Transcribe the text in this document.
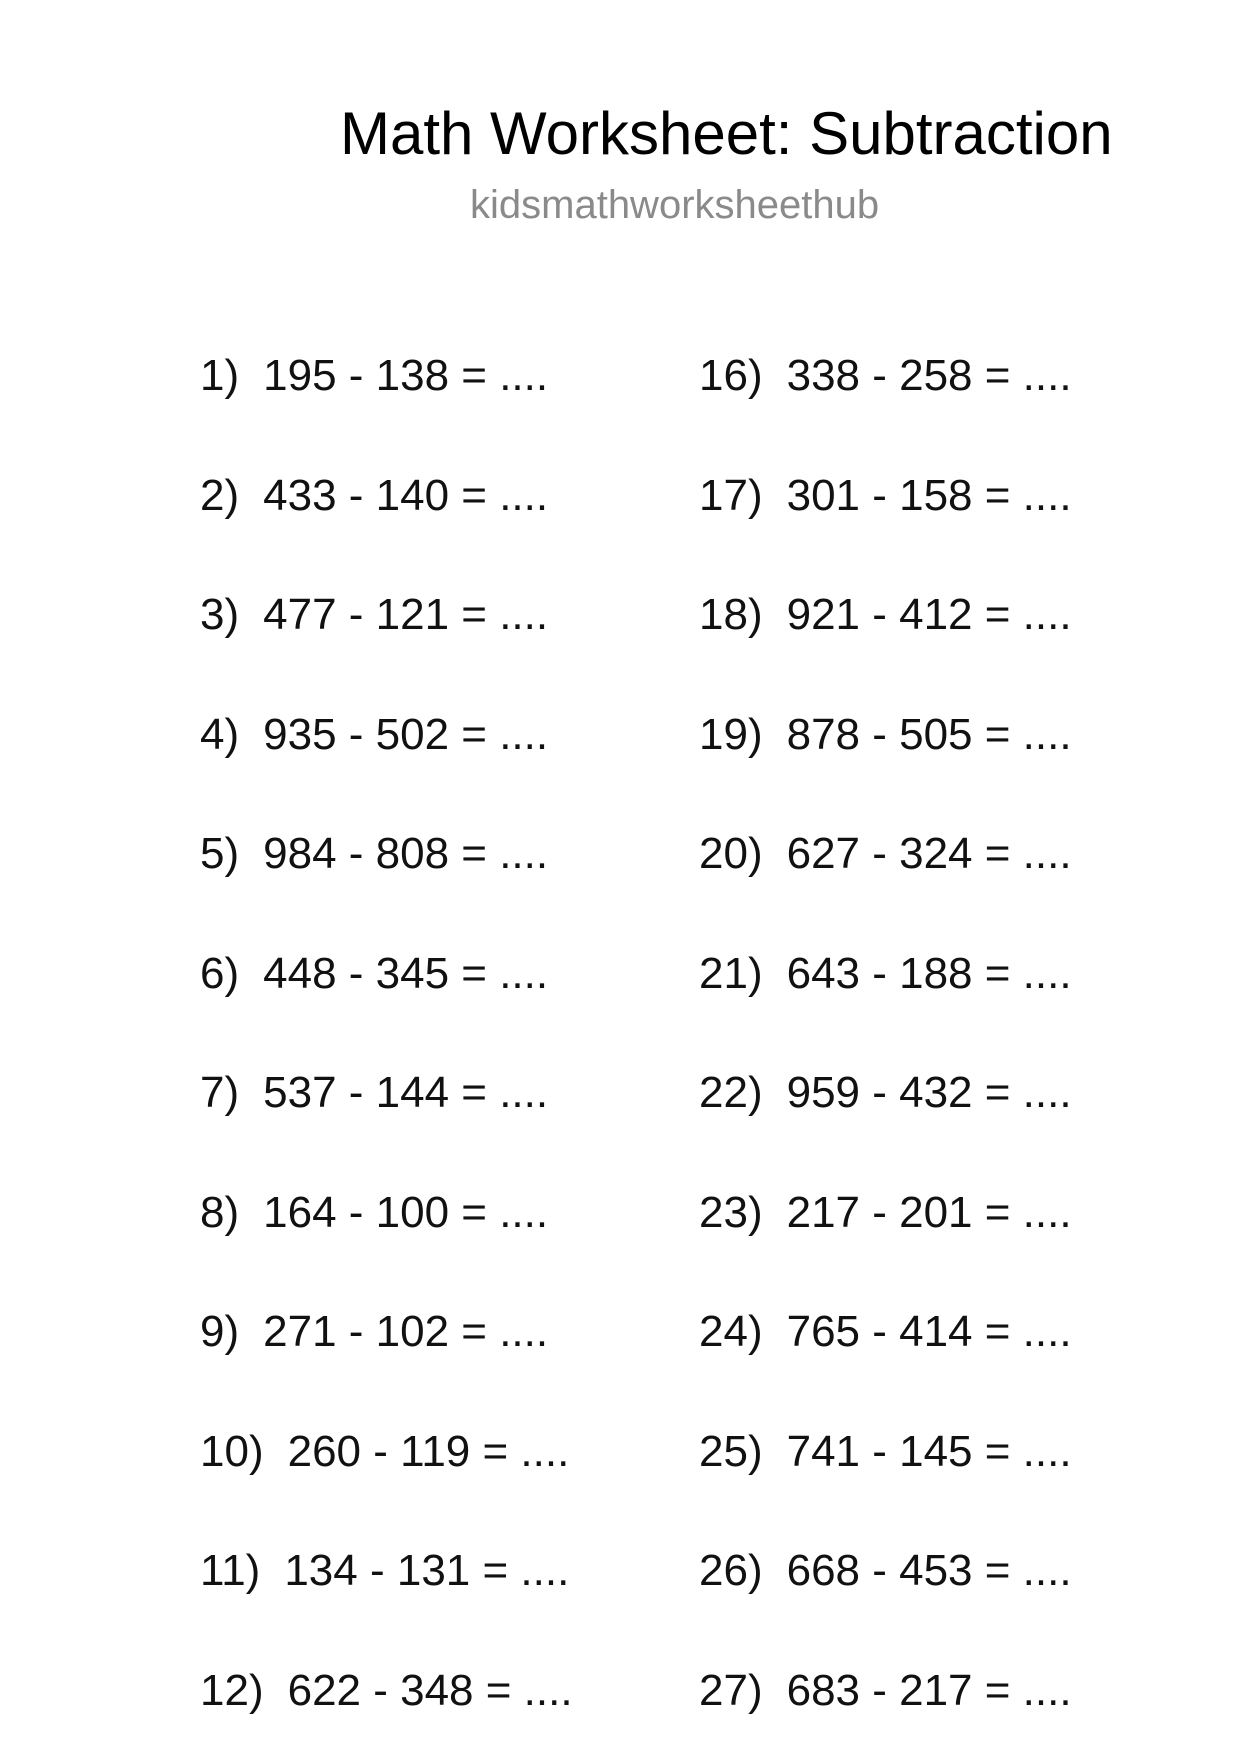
Math Worksheet: Subtraction
kidsmathworksheethub
1) 195 - 138 = ....
2) 433 - 140 = ....
3) 477 - 121 = ....
4) 935 - 502 = ....
5) 984 - 808 = ....
6) 448 - 345 = ....
7) 537 - 144 = ....
8) 164 - 100 = ....
9) 271 - 102 = ....
10) 260 - 119 = ....
11) 134 - 131 = ....
12) 622 - 348 = ....
16) 338 - 258 = ....
17) 301 - 158 = ....
18) 921 - 412 = ....
19) 878 - 505 = ....
20) 627 - 324 = ....
21) 643 - 188 = ....
22) 959 - 432 = ....
23) 217 - 201 = ....
24) 765 - 414 = ....
25) 741 - 145 = ....
26) 668 - 453 = ....
27) 683 - 217 = ....
